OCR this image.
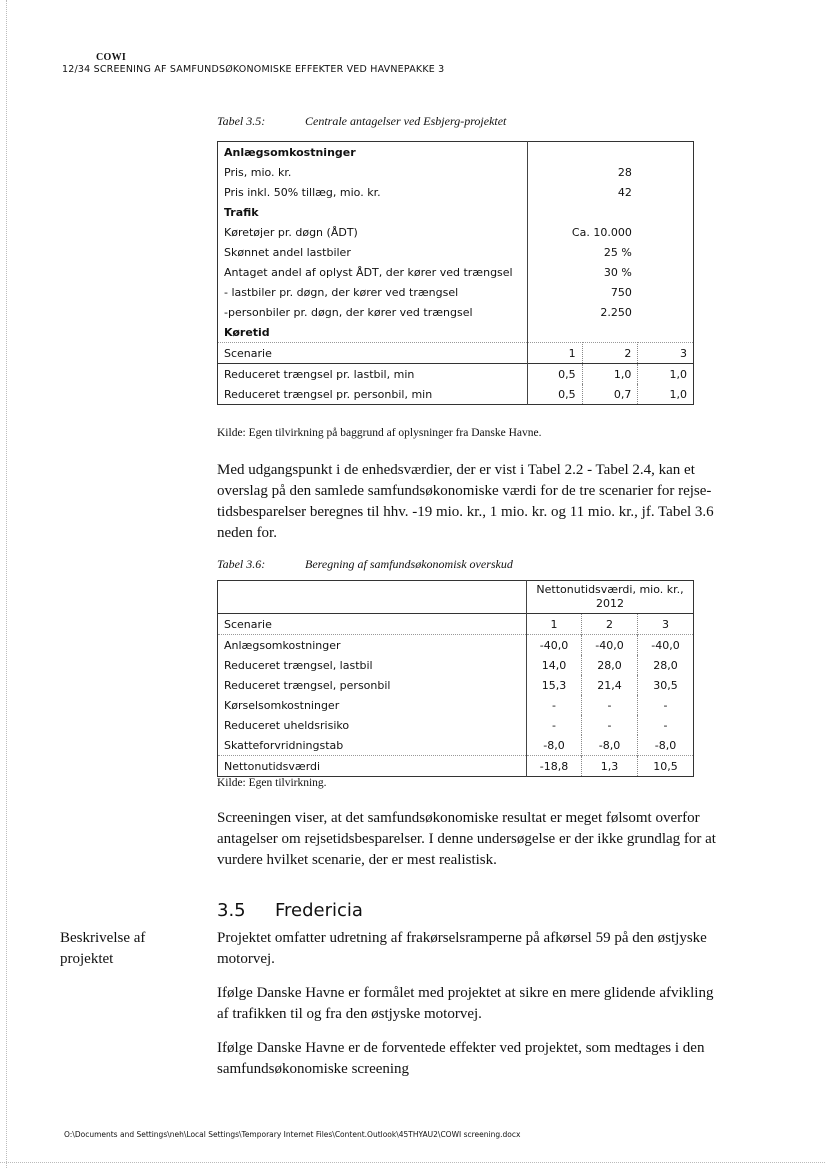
COWI
12/34 SCREENING AF SAMFUNDSØKONOMISKE EFFEKTER VED HAVNEPAKKE 3
Tabel 3.5:	Centrale antagelser ved Esbjerg-projektet
Anlægsomkostninger			
Pris, mio. kr.	28		
Pris inkl. 50% tillæg, mio. kr.	42		
Trafik			
Køretøjer pr. døgn (ÅDT)	Ca. 10.000		
Skønnet andel lastbiler	25 %		
Antaget andel af oplyst ÅDT, der kører ved trængsel	30 %		
- lastbiler pr. døgn, der kører ved trængsel	750		
-personbiler pr. døgn, der kører ved trængsel	2.250		
Køretid			
Scenarie	1	2	3
Reduceret trængsel pr. lastbil, min	0,5	1,0	1,0
Reduceret trængsel pr. personbil, min	0,5	0,7	1,0
Kilde: Egen tilvirkning på baggrund af oplysninger fra Danske Havne.
Med udgangspunkt i de enhedsværdier, der er vist i Tabel 2.2 - Tabel 2.4, kan et overslag på den samlede samfundsøkonomiske værdi for de tre scenarier for rejse-tidsbesparelser beregnes til hhv. -19 mio. kr., 1 mio. kr. og 11 mio. kr., jf. Tabel 3.6 neden for.
Tabel 3.6:	Beregning af samfundsøkonomisk overskud
	Nettonutidsværdi, mio. kr.,
2012		
Scenarie	1	2	3
Anlægsomkostninger	-40,0	-40,0	-40,0
Reduceret trængsel, lastbil	14,0	28,0	28,0
Reduceret trængsel, personbil	15,3	21,4	30,5
Kørselsomkostninger	-	-	-
Reduceret uheldsrisiko	-	-	-
Skatteforvridningstab	-8,0	-8,0	-8,0
Nettonutidsværdi	-18,8	1,3	10,5
Kilde: Egen tilvirkning.
Screeningen viser, at det samfundsøkonomiske resultat er meget følsomt overfor antagelser om rejsetidsbesparelser. I denne undersøgelse er der ikke grundlag for at vurdere hvilket scenarie, der er mest realistisk.
3.5 Fredericia
Beskrivelse af projektet
Projektet omfatter udretning af frakørselsramperne på afkørsel 59 på den østjyske motorvej.
Ifølge Danske Havne er formålet med projektet at sikre en mere glidende afvikling af trafikken til og fra den østjyske motorvej.
Ifølge Danske Havne er de forventede effekter ved projektet, som medtages i den samfundsøkonomiske screening
O:\Documents and Settings\neh\Local Settings\Temporary Internet Files\Content.Outlook\45THYAU2\COWI screening.docx
